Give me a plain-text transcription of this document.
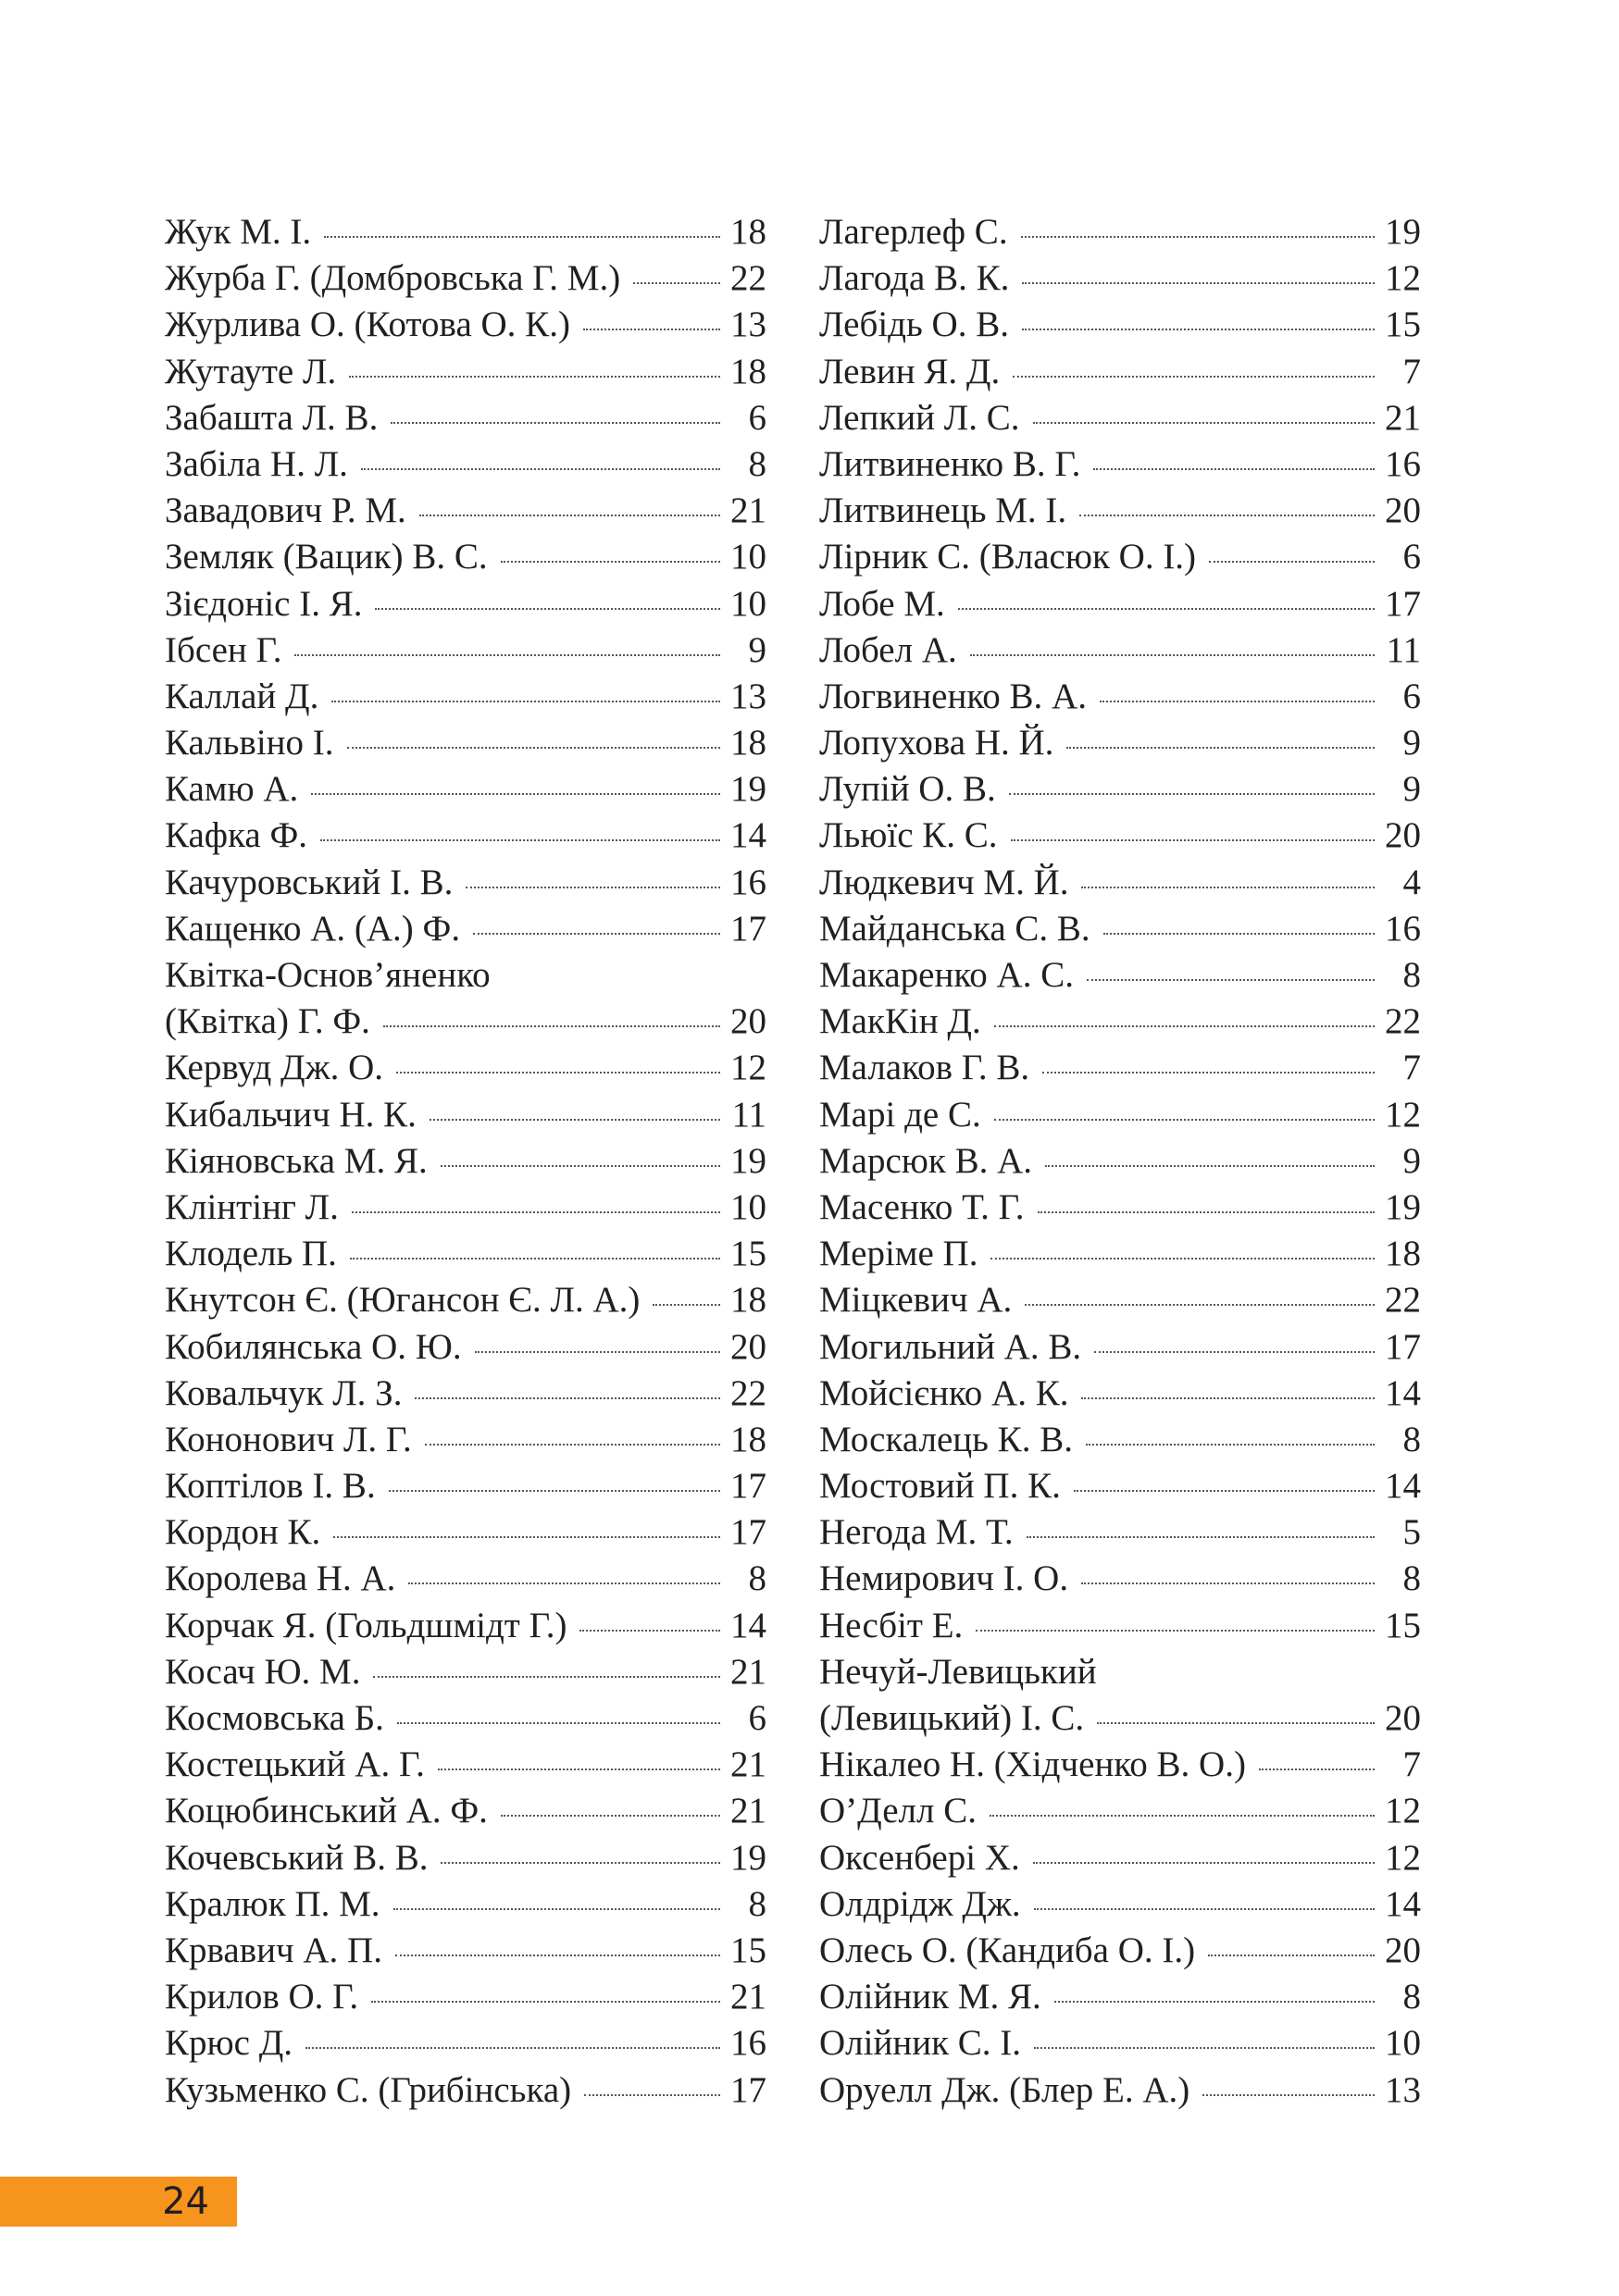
Жук М. І.	18
Журба Г. (Домбровська Г. М.)	22
Журлива О. (Котова О. К.)	13
Жутауте Л.	18
Забашта Л. В.	6
Забіла Н. Л.	8
Завадович Р. М.	21
Земляк (Вацик) В. С.	10
Зієдоніс І. Я.	10
Ібсен Г.	9
Каллай Д.	13
Кальвіно І.	18
Камю А.	19
Кафка Ф.	14
Качуровський І. В.	16
Кащенко А. (А.) Ф.	17
Квітка-Основ’яненко
(Квітка) Г. Ф.	20
Кервуд Дж. О.	12
Кибальчич Н. К.	11
Кіяновська М. Я.	19
Клінтінг Л.	10
Клодель П.	15
Кнутсон Є. (Югансон Є. Л. А.)	18
Кобилянська О. Ю.	20
Ковальчук Л. З.	22
Кононович Л. Г.	18
Коптілов І. В.	17
Кордон К.	17
Королева Н. А.	8
Корчак Я. (Гольдшмідт Г.)	14
Косач Ю. М.	21
Космовська Б.	6
Костецький А. Г.	21
Коцюбинський А. Ф.	21
Кочевський В. В.	19
Кралюк П. М.	8
Крвавич А. П.	15
Крилов О. Г.	21
Крюс Д.	16
Кузьменко С. (Грибінська)	17
Лагерлеф С.	19
Лагода В. К.	12
Лебідь О. В.	15
Левин Я. Д.	7
Лепкий Л. С.	21
Литвиненко В. Г.	16
Литвинець М. І.	20
Лірник С. (Власюк О. І.)	6
Лобе М.	17
Лобел А.	11
Логвиненко В. А.	6
Лопухова Н. Й.	9
Лупій О. В.	9
Льюїс К. С.	20
Людкевич М. Й.	4
Майданська С. В.	16
Макаренко А. С.	8
МакКін Д.	22
Малаков Г. В.	7
Марі де С.	12
Марсюк В. А.	9
Масенко Т. Г.	19
Меріме П.	18
Міцкевич А.	22
Могильний А. В.	17
Мойсієнко А. К.	14
Москалець К. В.	8
Мостовий П. К.	14
Негода М. Т.	5
Немирович І. О.	8
Несбіт Е.	15
Нечуй-Левицький
(Левицький) І. С.	20
Нікалео Н. (Хідченко В. О.)	7
О’Делл С.	12
Оксенбері Х.	12
Олдрідж Дж.	14
Олесь О. (Кандиба О. І.)	20
Олійник М. Я.	8
Олійник С. І.	10
Оруелл Дж. (Блер Е. А.)	13
24
